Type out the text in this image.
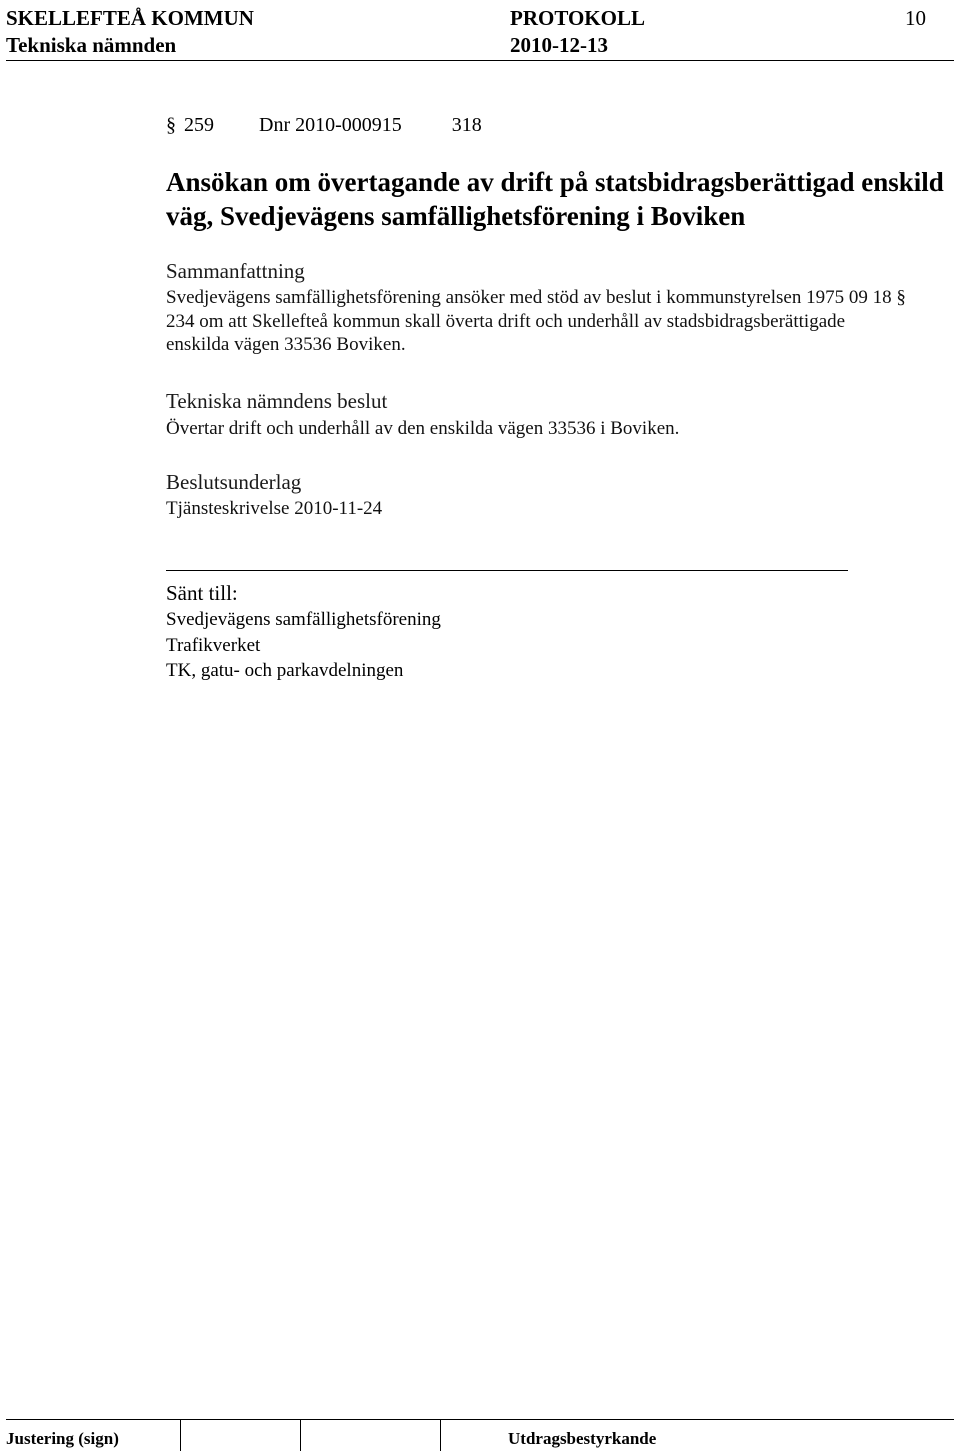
SKELLEFTEÅ KOMMUN
Tekniska nämnden
PROTOKOLL
2010-12-13
10
§ 259 Dnr 2010-000915	318
Ansökan om övertagande av drift på statsbidragsberättigad enskild väg, Svedjevägens samfällighetsförening i Boviken
Sammanfattning
Svedjevägens samfällighetsförening ansöker med stöd av beslut i kommunstyrelsen 1975 09 18 § 234 om att Skellefteå kommun skall överta drift och underhåll av stadsbidragsberättigade enskilda vägen 33536 Boviken.
Tekniska nämndens beslut
Övertar drift och underhåll av den enskilda vägen 33536 i Boviken.
Beslutsunderlag
Tjänsteskrivelse 2010-11-24
Sänt till:
Svedjevägens samfällighetsförening
Trafikverket
TK, gatu- och parkavdelningen
Justering (sign)	Utdragsbestyrkande
